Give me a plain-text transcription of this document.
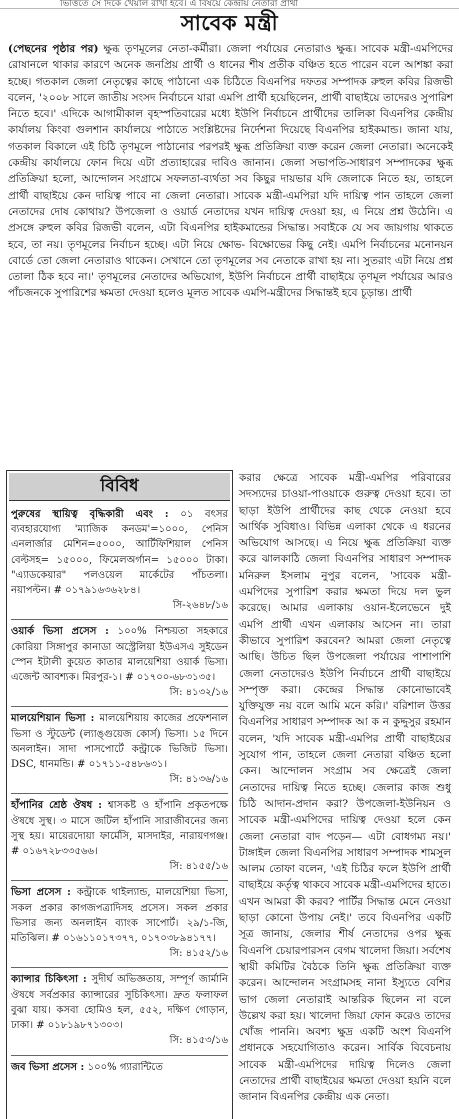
ভিত্তিতে সে দিকে খেয়াল রাখা হবে। এ বিষয়ে কেন্দ্রীয় নেতারা প্রার্থী
সাবেক মন্ত্রী
(পেছনের পৃষ্ঠার পর) ক্ষুব্ধ তৃণমূলের নেতা-কর্মীরা। জেলা পর্যায়ের নেতারাও ক্ষুব্ধ। সাবেক মন্ত্রী-এমপিদের রোষানলে থাকার কারণে অনেক জনপ্রিয় প্রার্থী ও ধানের শীষ প্রতীক বঞ্চিত হতে পারেন বলে আশঙ্কা করা হচ্ছে। গতকাল জেলা নেতৃত্বের কাছে পাঠানো এক চিঠিতে বিএনপির দফতর সম্পাদক রুহুল কবির রিজভী বলেন, '২০০৮ সালে জাতীয় সংসদ নির্বাচনে যারা এমপি প্রার্থী হয়েছিলেন, প্রার্থী বাছাইয়ে তাদেরও সুপারিশ নিতে হবে।' এদিকে আগামীকাল বৃহস্পতিবারের মধ্যে ইউপি নির্বাচনে প্রার্থীদের তালিকা বিএনপির কেন্দ্রীয় কার্যালয় কিংবা গুলশান কার্যালয়ে পাঠাতে সংশ্লিষ্টদের নির্দেশনা দিয়েছে বিএনপির হাইকমান্ড। জানা যায়, গতকাল বিকালে এই চিঠি তৃণমূলে পাঠানোর পরপরই ক্ষুব্ধ প্রতিক্রিয়া ব্যক্ত করেন জেলা নেতারা। অনেকেই কেন্দ্রীয় কার্যালয়ে ফোন দিয়ে এটা প্রত্যাহারের দাবিও জানান। জেলা সভাপতি-সাধারণ সম্পাদকের ক্ষুব্ধ প্রতিক্রিয়া হলো, আন্দোলন সংগ্রামে সফলতা-ব্যর্থতা সব কিছুর দায়ভার যদি জেলাকে নিতে হয়, তাহলে প্রার্থী বাছাইয়ে কেন দায়িত্ব পাবে না জেলা নেতারা। সাবেক মন্ত্রী-এমপিরা যদি দায়িত্ব পান তাহলে জেলা নেতাদের দোষ কোথায়? উপজেলা ও ওয়ার্ড নেতাদের যখন দায়িত্ব দেওয়া হয়, এ নিয়ে প্রশ্ন উঠেনি। এ প্রসঙ্গে রুহুল কবির রিজভী বলেন, এটা বিএনপির হাইকমান্ডের সিদ্ধান্ত। সবাইকে যে সব জায়গায় থাকতে হবে, তা নয়। তৃণমূলের নির্বাচন হচ্ছে। এটা নিয়ে ক্ষোভ- বিক্ষোভের কিছু নেই। এমপি নির্বাচনের মনোনয়ন বোর্ডে তো জেলা নেতারাও থাকেন। সেখানে তো তৃণমূলের সব নেতাকে রাখা হয় না। সুতরাং এটা নিয়ে প্রশ্ন তোলা ঠিক হবে না।' তৃণমূলের নেতাদের অভিযোগ, ইউপি নির্বাচনে প্রার্থী বাছাইয়ে তৃণমূল পর্যায়ের আরও পাঁচজনকে সুপারিশের ক্ষমতা দেওয়া হলেও মূলত সাবেক এমপি-মন্ত্রীদের সিদ্ধান্তই হবে চূড়ান্ত। প্রার্থী
বিবিধ
পুরুষের স্থায়িত্ব বৃদ্ধিকারী এবং : ০১ বৎসর ব্যবহারযোগ্য 'ম্যাজিক কনডম'=১০০০, পেনিস এনলার্জার মেশিন=৫০০০, আর্টিফিশিয়াল পেনিস বেল্টসহ= ১৫০০০, ফিমেলঅর্গান= ১৫০০০ টাকা। "এ্যাডকেয়ার" পলওয়েল মার্কেটের পাঁচতলা। নয়াপল্টন। # ০১৭৯১৬৩৬২৮৪।
সি-২৬৪৮/১৬
ওয়ার্ক ভিসা প্রসেস : ১০০% নিশ্চয়তা সহকারে কোরিয়া সিঙ্গাপুর কানাডা অস্ট্রেলিয়া ইউএসএ সুইডেন স্পেন ইটালী কুয়েত কাতার মালয়েশিয়া ওয়ার্ক ভিসা। এজেন্ট আবশ্যক। মিরপুর-১। # ০১৭০০-৬৮৩১৩৫।
সি: ৪১৩২/১৬
মালয়েশিয়ান ভিসা : মালয়েশিয়ায় কাজের প্রফেশনাল ভিসা ও স্টুডেন্ট (ল্যাঙ্গুয়েজ কোর্স) ভিসা। ১৫ দিনে অনলাইন। সাদা পাসপোর্টে কন্ট্রাকে ভিজিট ভিসা। DSC, ধানমন্ডি। # ০১৭১১-৫৪৮৬৩১।
সি: ৪১৩৬/১৬
হাঁপানির শ্রেষ্ঠ ঔষধ : শ্বাসকষ্ট ও হাঁপানি প্রকৃতপক্ষে ঔষধে সুস্থ। ৩ মাসে জটিল হাঁপানি সারাজীবনের জন্য সুস্থ হয়। মায়েরদোয়া ফার্মেসি, মাসদাইর, নারায়ণগঞ্জ। # ০১৬৭২৮৩৩৫৬৬।
সি: ৪১৫৫/১৬
ভিসা প্রসেস : কন্ট্রাকে থাইল্যান্ড, মালয়েশিয়া ভিসা, সকল প্রকার কাগজপত্রাদিসহ প্রসেস। সকল প্রকার ভিসার জন্য অনলাইন ব্যাংক সাপোর্ট। ২৯/১-জি, মতিঝিল। # ০১৬১১০১৭৩৭৭, ০১৭০৩৮৯৪১৭৭।
সি: ৪১৫২/১৬
ক্যান্সার চিকিৎসা : সুদীর্ঘ অভিজ্ঞতায়, সম্পূর্ণ জার্মানি ঔষধে সর্বপ্রকার ক্যান্সারের সুচিকিৎসা। দ্রুত ফলাফল বুঝা যায়। কসবা হোমিও হল, ৫৫২, দক্ষিণ গোড়ান, ঢাকা। # ০১৮১৯৮৭১৩০৩।
সি: ৪১৫৩/১৬
জব ভিসা প্রসেস : ১০০% গ্যারান্টিতে
করার ক্ষেত্রে সাবেক মন্ত্রী-এমপির পরিবারের সদস্যদের চাওয়া-পাওয়াকে গুরুত্ব দেওয়া হবে। তা ছাড়া ইউপি প্রার্থীদের কাছ থেকে নেওয়া হবে আর্থিক সুবিধাও। বিভিন্ন এলাকা থেকে এ ধরনের অভিযোগ আসছে। এ নিয়ে ক্ষুব্ধ প্রতিক্রিয়া ব্যক্ত করে ঝালকাঠি জেলা বিএনপির সাধারণ সম্পাদক মনিরুল ইসলাম নুপুর বলেন, 'সাবেক মন্ত্রী-এমপিদের সুপারিশ করার ক্ষমতা দিয়ে দল ভুল করেছে। আমার এলাকায় ওয়ান-ইলেভেনে দুই এমপি প্রার্থী এখন এলাকায় আসেন না। তারা কীভাবে সুপারিশ করবেন? আমরা জেলা নেতৃত্বে আছি। উচিত ছিল উপজেলা পর্যায়ের পাশাপাশি জেলা নেতাদেরও ইউপি নির্বাচনে প্রার্থী বাছাইয়ে সম্পৃক্ত করা। কেন্দ্রের সিদ্ধান্ত কোনোভাবেই যুক্তিযুক্ত নয় বলে আমি মনে করি।' বরিশাল উত্তর বিএনপির সাধারণ সম্পাদক আ ক ন কুদ্দুসুর রহমান বলেন, 'যদি সাবেক মন্ত্রী-এমপির প্রার্থী বাছাইয়ের সুযোগ পান, তাহলে জেলা নেতারা বঞ্চিত হলো কেন। আন্দোলন সংগ্রাম সব ক্ষেত্রেই জেলা নেতাদের দায়িত্ব নিতে হচ্ছে। জেলার কাজ শুধু চিঠি আদান-প্রদান করা? উপজেলা-ইউনিয়ন ও সাবেক মন্ত্রী-এমপিদের দায়িত্ব দেওয়া হলে কেন জেলা নেতারা বাদ পড়েন— এটা বোধগম্য নয়।' টাঙ্গাইল জেলা বিএনপির সাধারণ সম্পাদক শামসুল আলম তোফা বলেন, 'এই চিঠির ফলে ইউপি প্রার্থী বাছাইয়ে কর্তৃত্ব থাকবে সাবেক মন্ত্রী-এমপিদের হাতে। এখন আমরা কী করব? পার্টির সিদ্ধান্ত মেনে নেওয়া ছাড়া কোনো উপায় নেই।' তবে বিএনপির একটি সূত্র জানায়, জেলার শীর্ষ নেতাদের ওপর ক্ষুব্ধ বিএনপি চেয়ারপারসন বেগম খালেদা জিয়া। সর্বশেষ স্থায়ী কমিটির বৈঠকে তিনি ক্ষুব্ধ প্রতিক্রিয়া ব্যক্ত করেন। আন্দোলন সংগ্রামসহ নানা ইস্যুতে বেশির ভাগ জেলা নেতারাই আন্তরিক ছিলেন না বলে উল্লেখ করা হয়। খালেদা জিয়া ফোন করেও তাদের খোঁজ পাননি। অবশ্য ক্ষুদ্র একটি অংশ বিএনপি প্রধানকে সহযোগিতাও করেন। সার্বিক বিবেচনায় সাবেক মন্ত্রী-এমপিদের দায়িত্ব দিলেও জেলা নেতাদের প্রার্থী বাছাইয়ের ক্ষমতা দেওয়া হয়নি বলে জানান বিএনপির কেন্দ্রীয় এক নেতা।
